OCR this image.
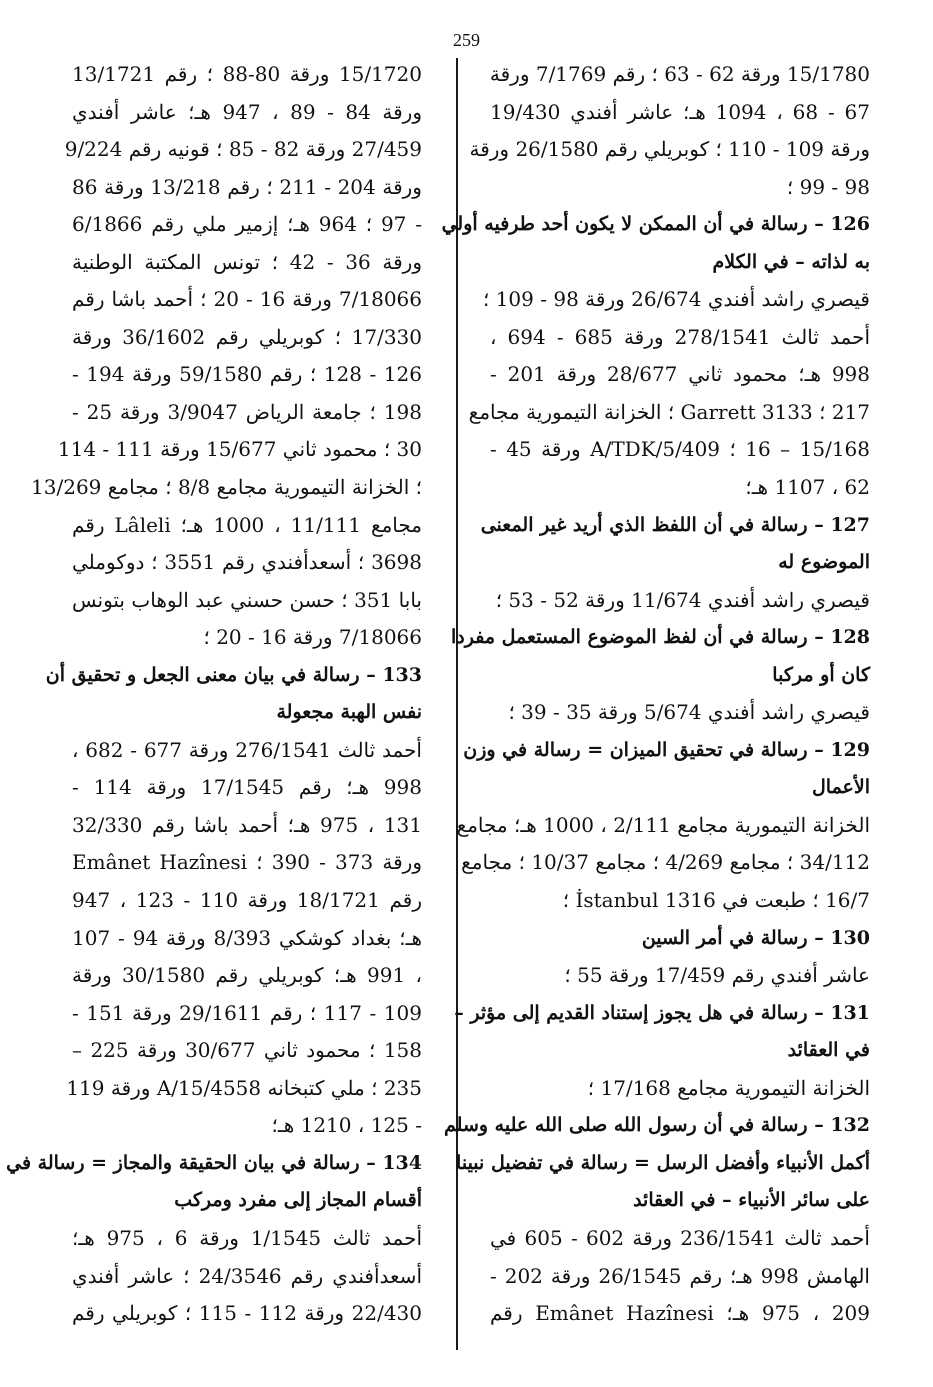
259
15/1780 ورقة 62 - 63 ؛ رقم 7/1769 ورقة
67 - 68 ، 1094 هـ؛ عاشر أفندي 19/430
ورقة 109 - 110 ؛ كوبريلي رقم 26/1580 ورقة
98 - 99 ؛
126 – رسالة في أن الممكن لا يكون أحد طرفيه أولي
به لذاته – في الكلام
قيصري راشد أفندي 26/674 ورقة 98 - 109 ؛
أحمد ثالث 278/1541 ورقة 685 - 694 ،
998 هـ؛ محمود ثاني 28/677 ورقة 201 -
217 ؛ Garrett 3133 ؛ الخزانة التيمورية مجامع
15/168 – 16 ؛ 5/409/A/TDK ورقة 45 -
62 ، 1107 هـ؛
127 – رسالة في أن اللفظ الذي أريد غير المعنى
الموضوع له
قيصري راشد أفندي 11/674 ورقة 52 - 53 ؛
128 – رسالة في أن لفظ الموضوع المستعمل مفردا
كان أو مركبا
قيصري راشد أفندي 5/674 ورقة 35 - 39 ؛
129 – رسالة في تحقيق الميزان = رسالة في وزن
الأعمال
الخزانة التيمورية مجامع 2/111 ، 1000 هـ؛ مجامع
34/112 ؛ مجامع 4/269 ؛ مجامع 10/37 ؛ مجامع
16/7 ؛ طبعت في İstanbul 1316 ؛
130 – رسالة في أمر السين
عاشر أفندي رقم 17/459 ورقة 55 ؛
131 – رسالة في هل يجوز إستناد القديم إلى مؤثر –
في العقائد
الخزانة التيمورية مجامع 17/168 ؛
132 – رسالة في أن رسول الله صلى الله عليه وسلم
أكمل الأنبياء وأفضل الرسل = رسالة في تفضيل نبينا
على سائر الأنبياء – في العقائد
أحمد ثالث 236/1541 ورقة 602 - 605 في
الهامش 998 هـ؛ رقم 26/1545 ورقة 202 -
209 ، 975 هـ؛ Emânet Hazînesi رقم
15/1720 ورقة 80-88 ؛ رقم 13/1721
ورقة 84 - 89 ، 947 هـ؛ عاشر أفندي
27/459 ورقة 82 - 85 ؛ قونيه رقم 9/224
ورقة 204 - 211 ؛ رقم 13/218 ورقة 86
- 97 ؛ 964 هـ؛ إزمير ملي رقم 6/1866
ورقة 36 - 42 ؛ تونس المكتبة الوطنية
7/18066 ورقة 16 - 20 ؛ أحمد باشا رقم
17/330 ؛ كوبريلي رقم 36/1602 ورقة
126 - 128 ؛ رقم 59/1580 ورقة 194 -
198 ؛ جامعة الرياض 3/9047 ورقة 25 -
30 ؛ محمود ثاني 15/677 ورقة 111 - 114
؛ الخزانة التيمورية مجامع 8/8 ؛ مجامع 13/269
مجامع 11/111 ، 1000 هـ؛ Lâleli رقم
3698 ؛ أسعدأفندي رقم 3551 ؛ دوكوملي
بابا 351 ؛ حسن حسني عبد الوهاب بتونس
7/18066 ورقة 16 - 20 ؛
133 – رسالة في بيان معنى الجعل و تحقيق أن
نفس الهبة مجعولة
أحمد ثالث 276/1541 ورقة 677 - 682 ،
998 هـ؛ رقم 17/1545 ورقة 114 -
131 ، 975 هـ؛ أحمد باشا رقم 32/330
ورقة 373 - 390 ؛ Emânet Hazînesi
رقم 18/1721 ورقة 110 - 123 ، 947
هـ؛ بغداد كوشكي 8/393 ورقة 94 - 107
، 991 هـ؛ كوبريلي رقم 30/1580 ورقة
109 - 117 ؛ رقم 29/1611 ورقة 151 -
158 ؛ محمود ثاني 30/677 ورقة 225 –
235 ؛ ملي كتبخانه 15/4558/A ورقة 119
- 125 ، 1210 هـ؛
134 – رسالة في بيان الحقيقة والمجاز = رسالة في
أقسام المجاز إلى مفرد ومركب
أحمد ثالث 1/1545 ورقة 6 ، 975 هـ؛
أسعدأفندي رقم 24/3546 ؛ عاشر أفندي
22/430 ورقة 112 - 115 ؛ كوبريلي رقم
